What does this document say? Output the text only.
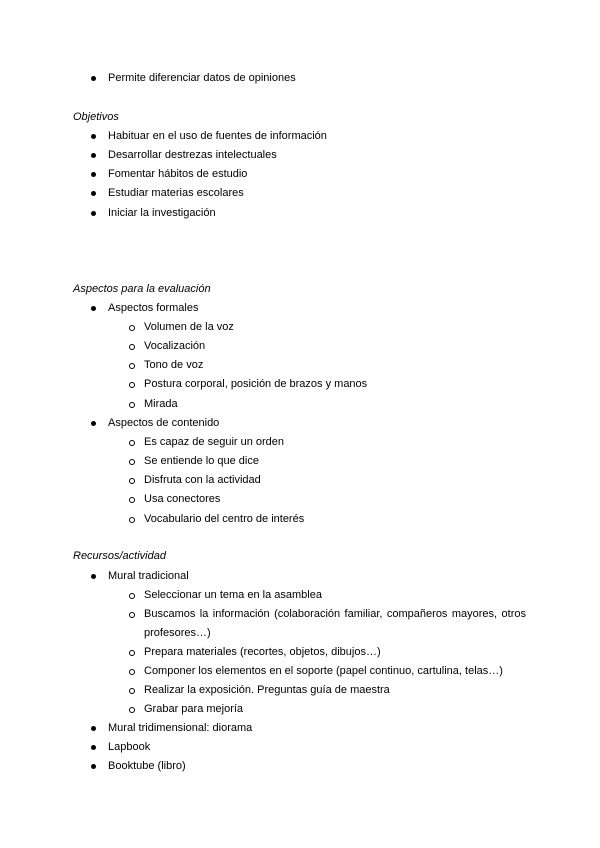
Permite diferenciar datos de opiniones
Objetivos
Habituar en el uso de fuentes de información
Desarrollar destrezas intelectuales
Fomentar hábitos de estudio
Estudiar materias escolares
Iniciar la investigación
Aspectos para la evaluación
Aspectos formales
Volumen de la voz
Vocalización
Tono de voz
Postura corporal, posición de brazos y manos
Mirada
Aspectos de contenido
Es capaz de seguir un orden
Se entiende lo que dice
Disfruta con la actividad
Usa conectores
Vocabulario del centro de interés
Recursos/actividad
Mural tradicional
Seleccionar un tema en la asamblea
Buscamos la información (colaboración familiar, compañeros mayores, otros
profesores…)
Prepara materiales (recortes, objetos, dibujos…)
Componer los elementos en el soporte (papel continuo, cartulina, telas…)
Realizar la exposición. Preguntas guía de maestra
Grabar para mejoría
Mural tridimensional: diorama
Lapbook
Booktube (libro)
